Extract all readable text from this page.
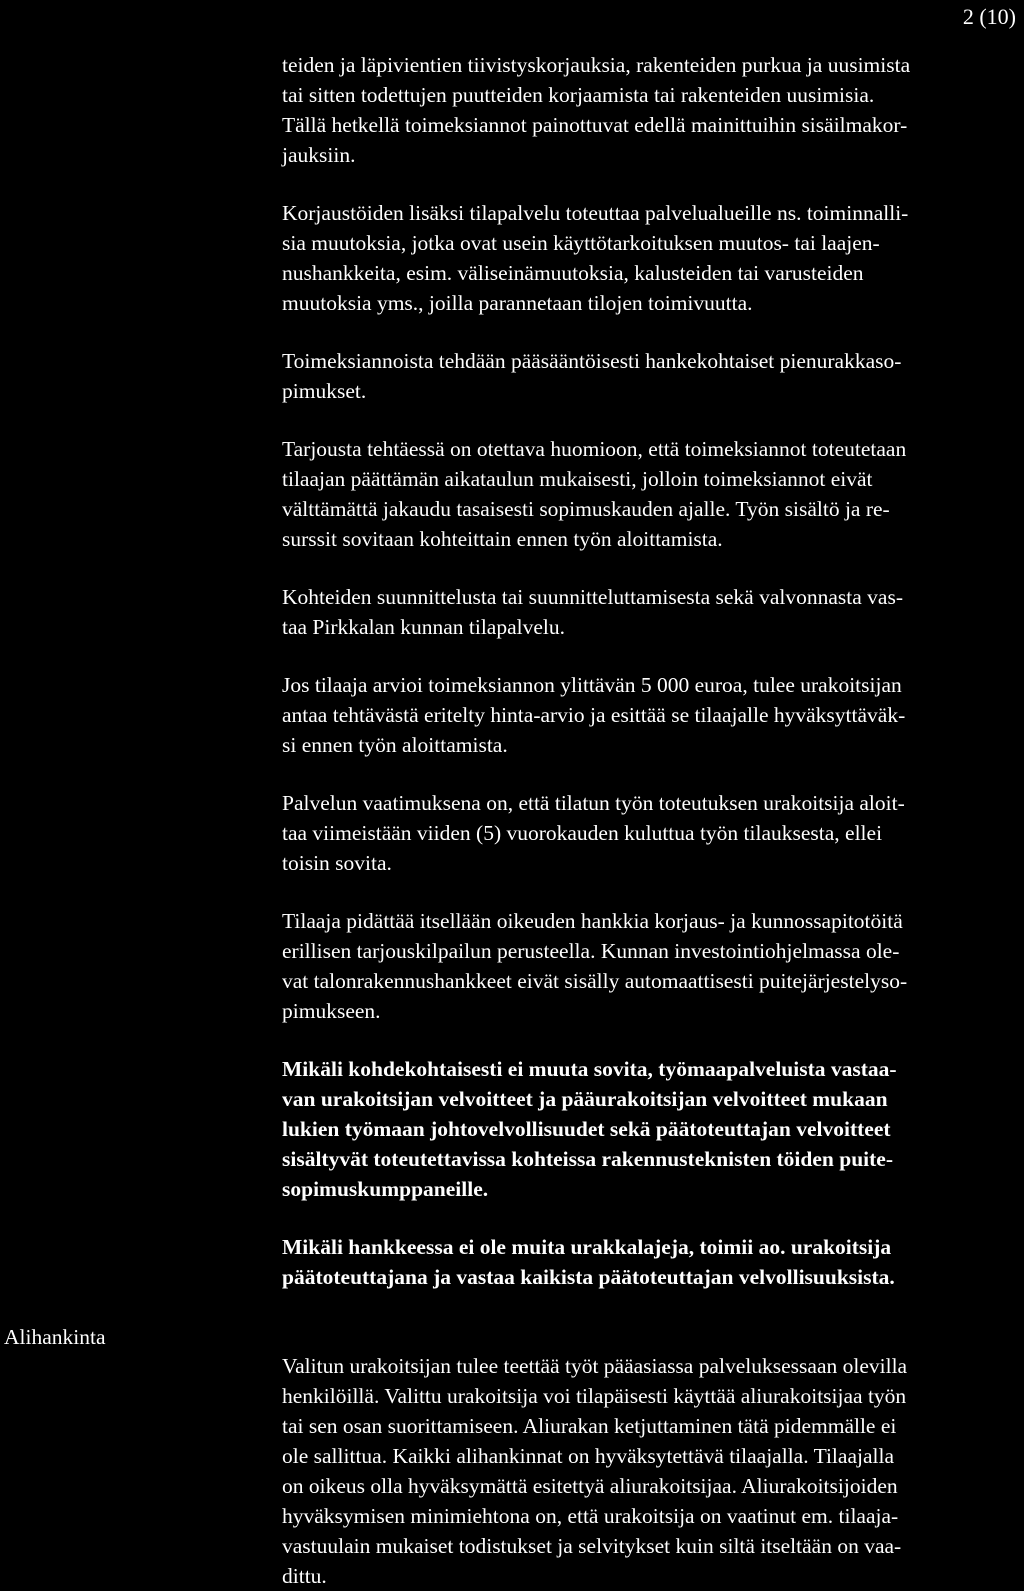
2 (10)

teiden ja läpivientien tiivistyskorjauksia, rakenteiden purkua ja uusimista
tai sitten todettujen puutteiden korjaamista tai rakenteiden uusimisia.
Tällä hetkellä toimeksiannot painottuvat edellä mainittuihin sisäilmakor-
jauksiin.

Korjaustöiden lisäksi tilapalvelu toteuttaa palvelualueille ns. toiminnalli-
sia muutoksia, jotka ovat usein käyttötarkoituksen muutos- tai laajen-
nushankkeita, esim. väliseinämuutoksia, kalusteiden tai varusteiden
muutoksia yms., joilla parannetaan tilojen toimivuutta.

Toimeksiannoista tehdään pääsääntöisesti hankekohtaiset pienurakkaso-
pimukset.

Tarjousta tehtäessä on otettava huomioon, että toimeksiannot toteutetaan
tilaajan päättämän aikataulun mukaisesti, jolloin toimeksiannot eivät
välttämättä jakaudu tasaisesti sopimuskauden ajalle. Työn sisältö ja re-
surssit sovitaan kohteittain ennen työn aloittamista.

Kohteiden suunnittelusta tai suunnitteluttamisesta sekä valvonnasta vas-
taa Pirkkalan kunnan tilapalvelu.

Jos tilaaja arvioi toimeksiannon ylittävän 5 000 euroa, tulee urakoitsijan
antaa tehtävästä eritelty hinta-arvio ja esittää se tilaajalle hyväksyttäväk-
si ennen työn aloittamista.

Palvelun vaatimuksena on, että tilatun työn toteutuksen urakoitsija aloit-
taa viimeistään viiden (5) vuorokauden kuluttua työn tilauksesta, ellei
toisin sovita.

Tilaaja pidättää itsellään oikeuden hankkia korjaus- ja kunnossapitotöitä
erillisen tarjouskilpailun perusteella. Kunnan investointiohjelmassa ole-
vat talonrakennushankkeet eivät sisälly automaattisesti puitejärjestelyso-
pimukseen.

Mikäli kohdekohtaisesti ei muuta sovita, työmaapalveluista vastaa-
van urakoitsijan velvoitteet ja pääurakoitsijan velvoitteet mukaan
lukien työmaan johtovelvollisuudet sekä päätoteuttajan velvoitteet
sisältyvät toteutettavissa kohteissa rakennusteknisten töiden puite-
sopimuskumppaneille.

Mikäli hankkeessa ei ole muita urakkalajeja, toimii ao. urakoitsija
päätoteuttajana ja vastaa kaikista päätoteuttajan velvollisuuksista.

Alihankinta

Valitun urakoitsijan tulee teettää työt pääasiassa palveluksessaan olevilla
henkilöillä. Valittu urakoitsija voi tilapäisesti käyttää aliurakoitsijaa työn
tai sen osan suorittamiseen. Aliurakan ketjuttaminen tätä pidemmälle ei
ole sallittua. Kaikki alihankinnat on hyväksytettävä tilaajalla. Tilaajalla
on oikeus olla hyväksymättä esitettyä aliurakoitsijaa. Aliurakoitsijoiden
hyväksymisen minimiehtona on, että urakoitsija on vaatinut em. tilaaja-
vastuulain mukaiset todistukset ja selvitykset kuin siltä itseltään on vaa-
dittu.
